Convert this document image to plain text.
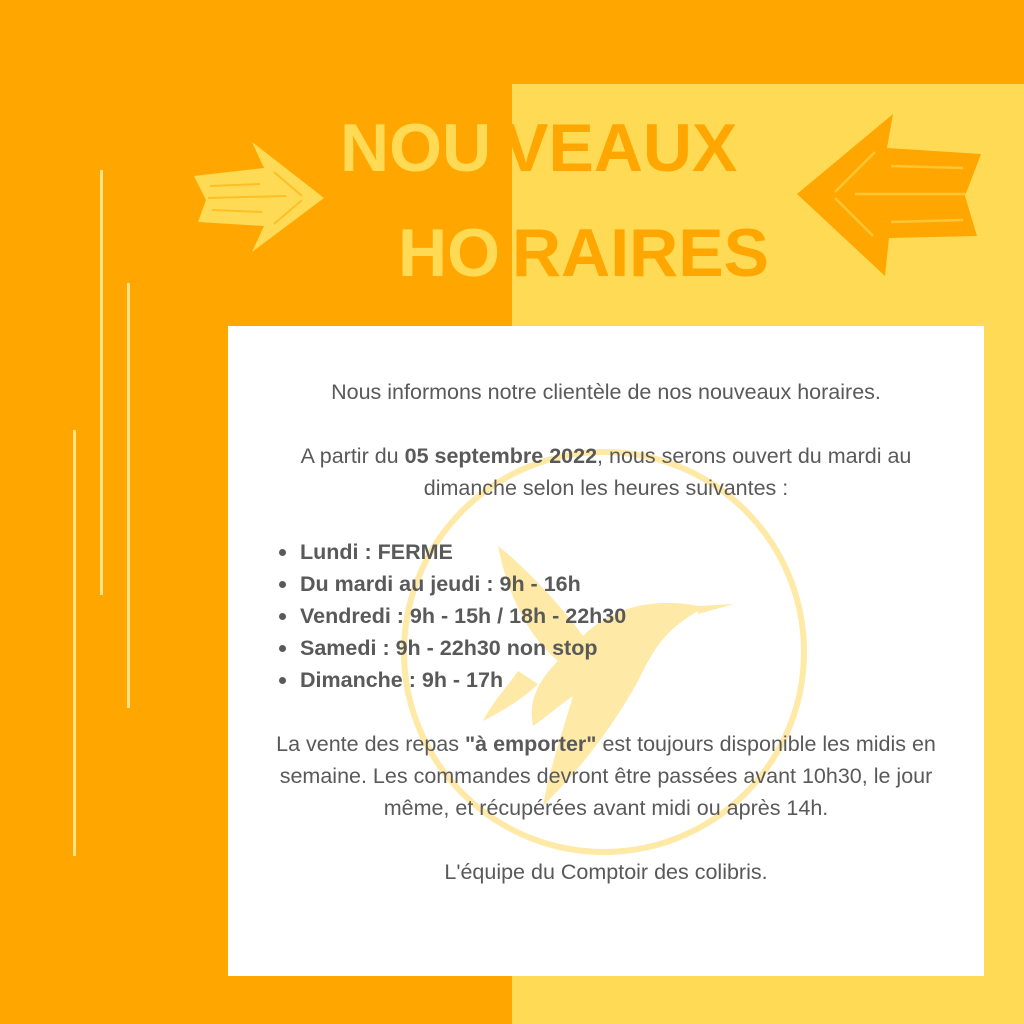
NOU VEAUX
HO RAIRES

Nous informons notre clientèle de nos nouveaux horaires.

A partir du 05 septembre 2022, nous serons ouvert du mardi au dimanche selon les heures suivantes :

Lundi : FERME
Du mardi au jeudi : 9h - 16h
Vendredi : 9h - 15h / 18h - 22h30
Samedi : 9h - 22h30 non stop
Dimanche : 9h - 17h

La vente des repas "à emporter" est toujours disponible les midis en semaine. Les commandes devront être passées avant 10h30, le jour même, et récupérées avant midi ou après 14h.

L'équipe du Comptoir des colibris.
